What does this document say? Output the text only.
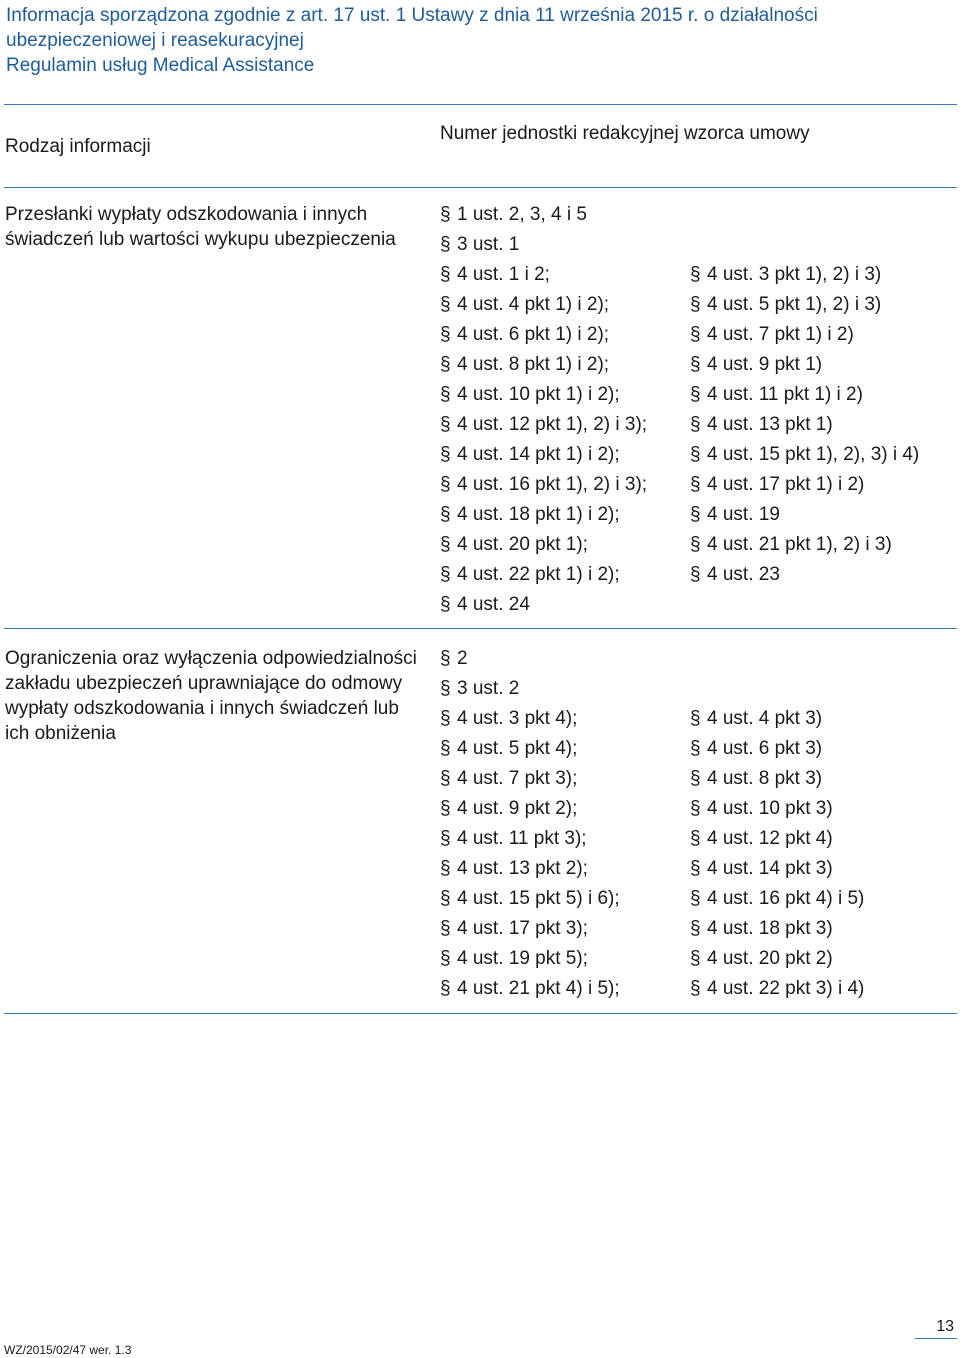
Informacja sporządzona zgodnie z art. 17 ust. 1 Ustawy z dnia 11 września 2015 r. o działalności ubezpieczeniowej i reasekuracyjnej
Regulamin usług Medical Assistance
Rodzaj informacji
Numer jednostki redakcyjnej wzorca umowy
Przesłanki wypłaty odszkodowania i innych świadczeń lub wartości wykupu ubezpieczenia
§ 1 ust. 2, 3, 4 i 5
§ 3 ust. 1
§ 4 ust. 1 i 2;
§ 4 ust. 4 pkt 1) i 2);
§ 4 ust. 6 pkt 1) i 2);
§ 4 ust. 8 pkt 1) i 2);
§ 4 ust. 10 pkt 1) i 2);
§ 4 ust. 12 pkt 1), 2) i 3);
§ 4 ust. 14 pkt 1) i 2);
§ 4 ust. 16 pkt 1), 2) i 3);
§ 4 ust. 18 pkt 1) i 2);
§ 4 ust. 20 pkt 1);
§ 4 ust. 22 pkt 1) i 2);
§ 4 ust. 24
§ 4 ust. 3 pkt 1), 2) i 3)
§ 4 ust. 5 pkt 1), 2) i 3)
§ 4 ust. 7 pkt 1) i 2)
§ 4 ust. 9 pkt 1)
§ 4 ust. 11 pkt 1) i 2)
§ 4 ust. 13 pkt 1)
§ 4 ust. 15 pkt 1), 2), 3) i 4)
§ 4 ust. 17 pkt 1) i 2)
§ 4 ust. 19
§ 4 ust. 21 pkt 1), 2) i 3)
§ 4 ust. 23
Ograniczenia oraz wyłączenia odpowiedzialności zakładu ubezpieczeń uprawniające do odmowy wypłaty odszkodowania i innych świadczeń lub ich obniżenia
§ 2
§ 3 ust. 2
§ 4 ust. 3 pkt 4);
§ 4 ust. 5 pkt 4);
§ 4 ust. 7 pkt 3);
§ 4 ust. 9 pkt 2);
§ 4 ust. 11 pkt 3);
§ 4 ust. 13 pkt 2);
§ 4 ust. 15 pkt 5) i 6);
§ 4 ust. 17 pkt 3);
§ 4 ust. 19 pkt 5);
§ 4 ust. 21 pkt 4) i 5);
§ 4 ust. 4 pkt 3)
§ 4 ust. 6 pkt 3)
§ 4 ust. 8 pkt 3)
§ 4 ust. 10 pkt 3)
§ 4 ust. 12 pkt 4)
§ 4 ust. 14 pkt 3)
§ 4 ust. 16 pkt 4) i 5)
§ 4 ust. 18 pkt 3)
§ 4 ust. 20 pkt 2)
§ 4 ust. 22 pkt 3) i 4)
WZ/2015/02/47 wer. 1.3
13
